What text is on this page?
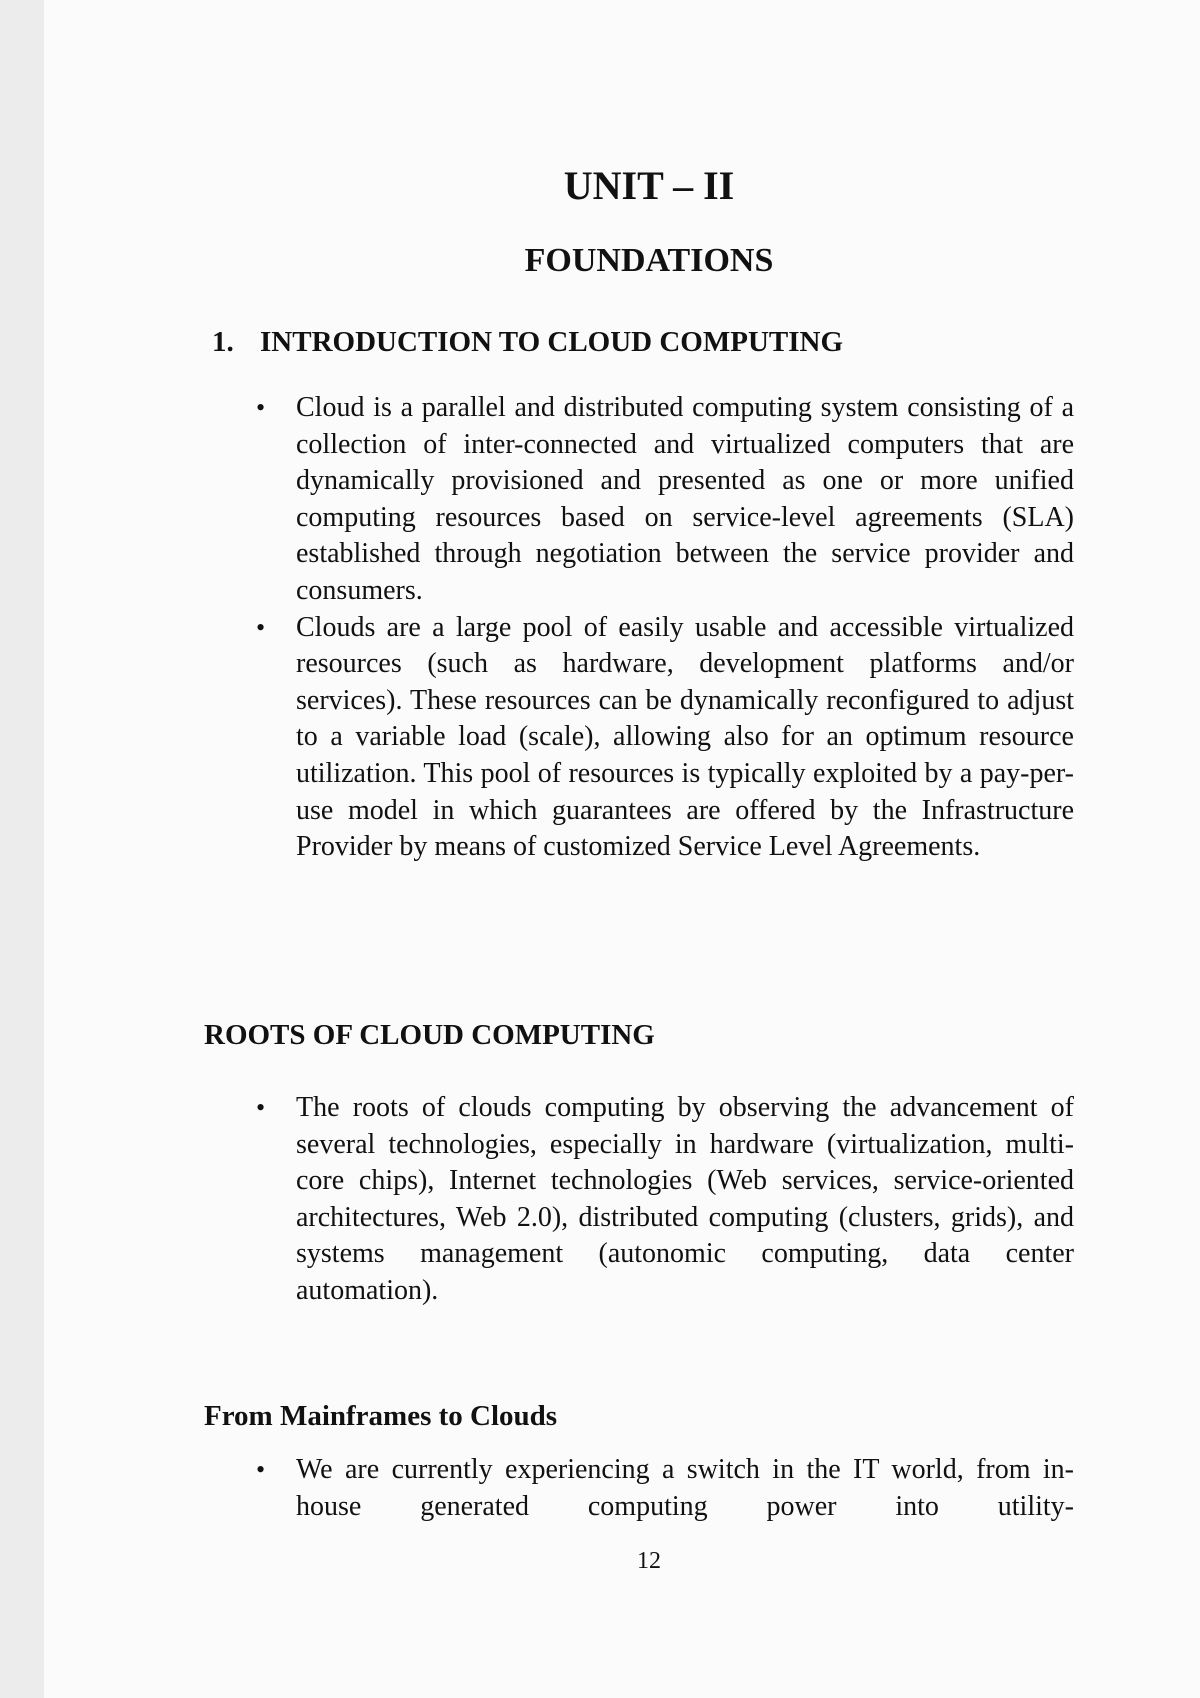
UNIT – II
FOUNDATIONS
1. INTRODUCTION TO CLOUD COMPUTING
• Cloud is a parallel and distributed computing system consisting of a collection of inter-connected and virtualized computers that are dynamically provisioned and presented as one or more unified computing resources based on service-level agreements (SLA) established through negotiation between the service provider and consumers.
• Clouds are a large pool of easily usable and accessible virtualized resources (such as hardware, development platforms and/or services). These resources can be dynamically reconfigured to adjust to a variable load (scale), allowing also for an optimum resource utilization. This pool of resources is typically exploited by a pay-per-use model in which guarantees are offered by the Infrastructure Provider by means of customized Service Level Agreements.
ROOTS OF CLOUD COMPUTING
• The roots of clouds computing by observing the advancement of several technologies, especially in hardware (virtualization, multi-core chips), Internet technologies (Web services, service-oriented architectures, Web 2.0), distributed computing (clusters, grids), and systems management (autonomic computing, data center automation).
From Mainframes to Clouds
• We are currently experiencing a switch in the IT world, from in-house generated computing power into utility-

12
